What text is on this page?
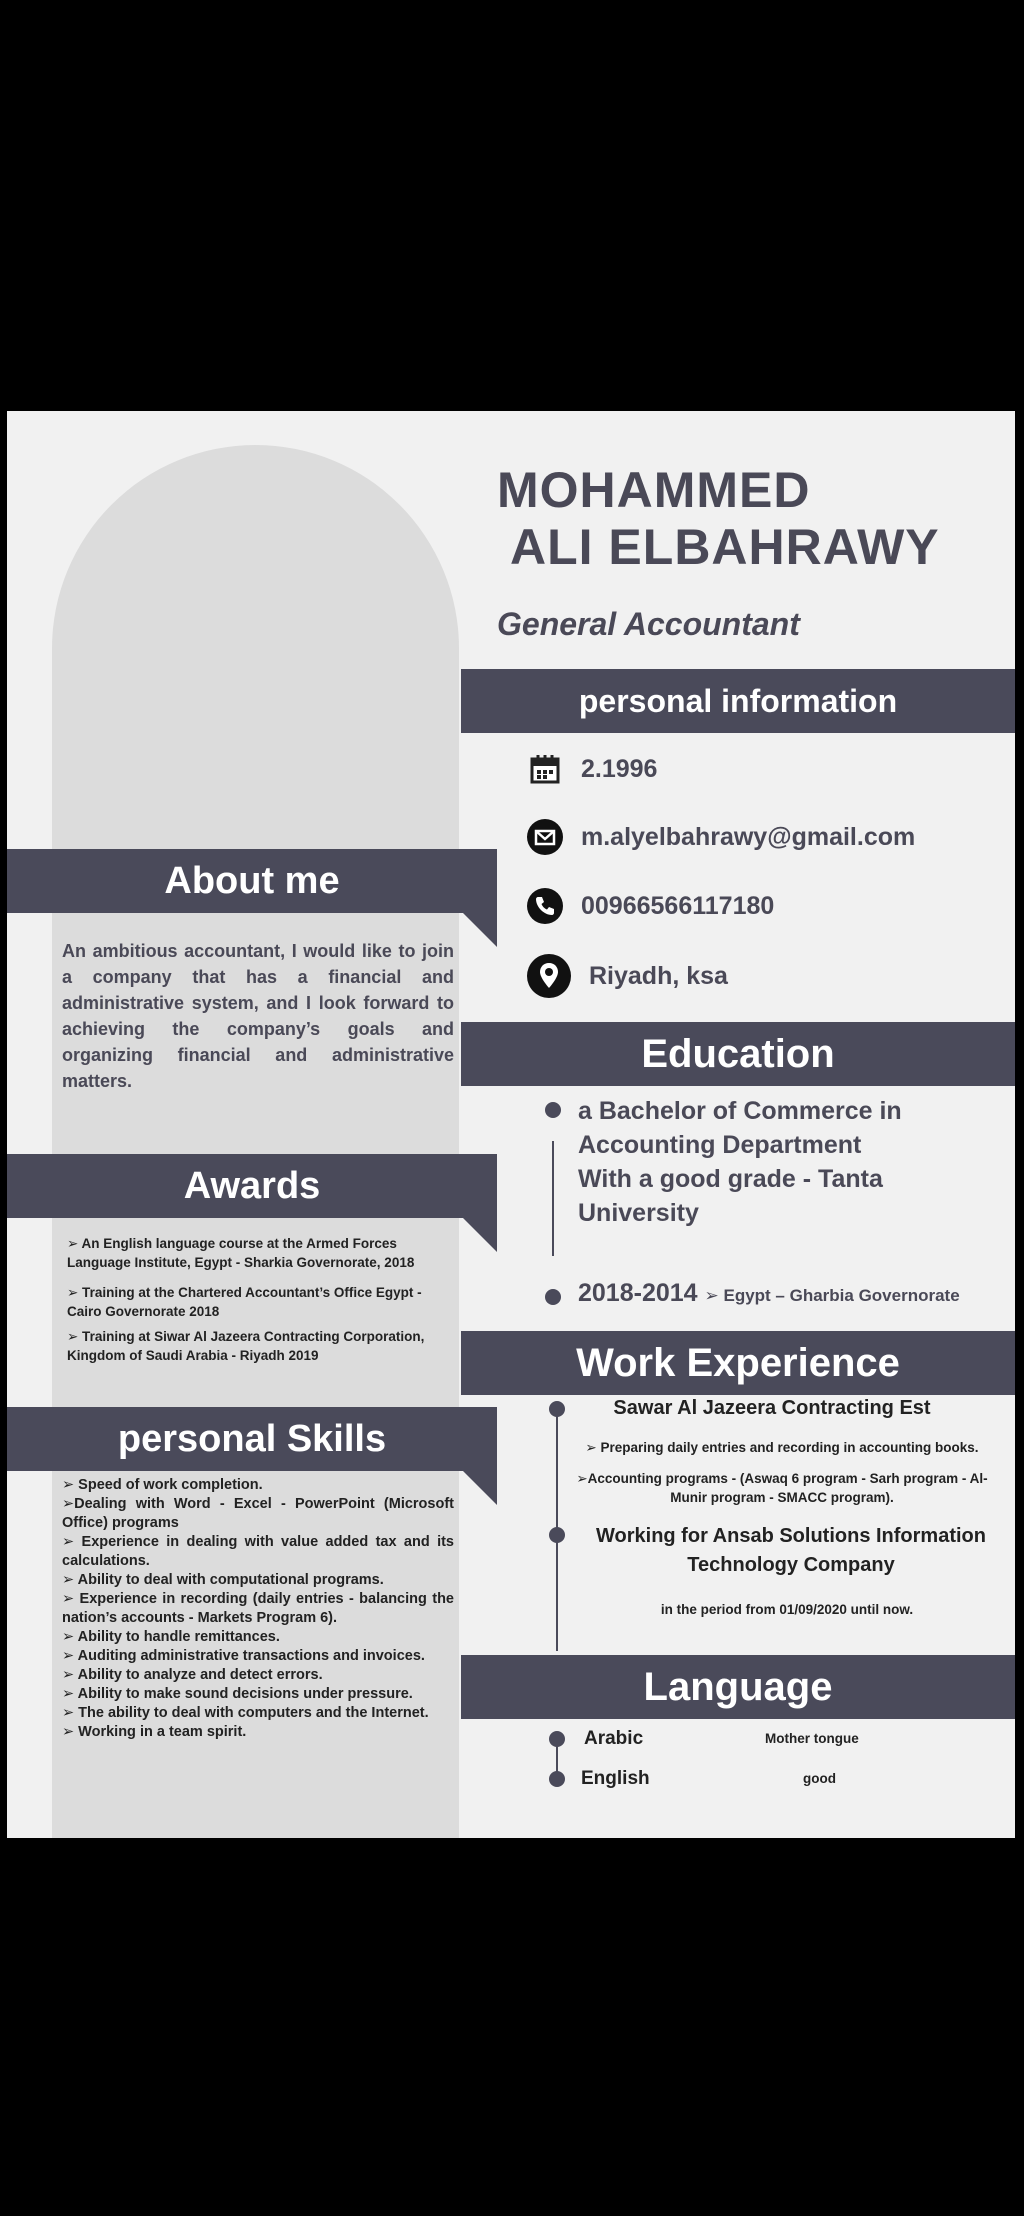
MOHAMMED
ALI ELBAHRAWY
General Accountant
personal information
2.1996
m.alyelbahrawy@gmail.com
00966566117180
Riyadh, ksa
About me
An ambitious accountant, I would like to join a company that has a financial and administrative system, and I look forward to achieving the company’s goals and organizing financial and administrative matters.
Education
a Bachelor of Commerce in
Accounting Department
With a good grade - Tanta
University
2018-2014 ➢ Egypt – Gharbia Governorate
Awards
➢ An English language course at the Armed Forces Language Institute, Egypt - Sharkia Governorate, 2018
➢ Training at the Chartered Accountant’s Office Egypt - Cairo Governorate 2018
➢ Training at Siwar Al Jazeera Contracting Corporation, Kingdom of Saudi Arabia - Riyadh 2019	Work Experience
Sawar Al Jazeera Contracting Est
➢ Preparing daily entries and recording in accounting books.
➢Accounting programs - (Aswaq 6 program - Sarh program - Al-Munir program - SMACC program).
Working for Ansab Solutions Information
Technology Company
in the period from 01/09/2020 until now.
personal Skills
➢ Speed of work completion.
➢Dealing with Word - Excel - PowerPoint (Microsoft Office) programs
➢ Experience in dealing with value added tax and its calculations.
➢ Ability to deal with computational programs.
➢ Experience in recording (daily entries - balancing the nation’s accounts - Markets Program 6).
➢ Ability to handle remittances.
➢ Auditing administrative transactions and invoices.
➢ Ability to analyze and detect errors.
➢ Ability to make sound decisions under pressure.
➢ The ability to deal with computers and the Internet.
➢ Working in a team spirit.
Language
Arabic	Mother tongue
English	good
